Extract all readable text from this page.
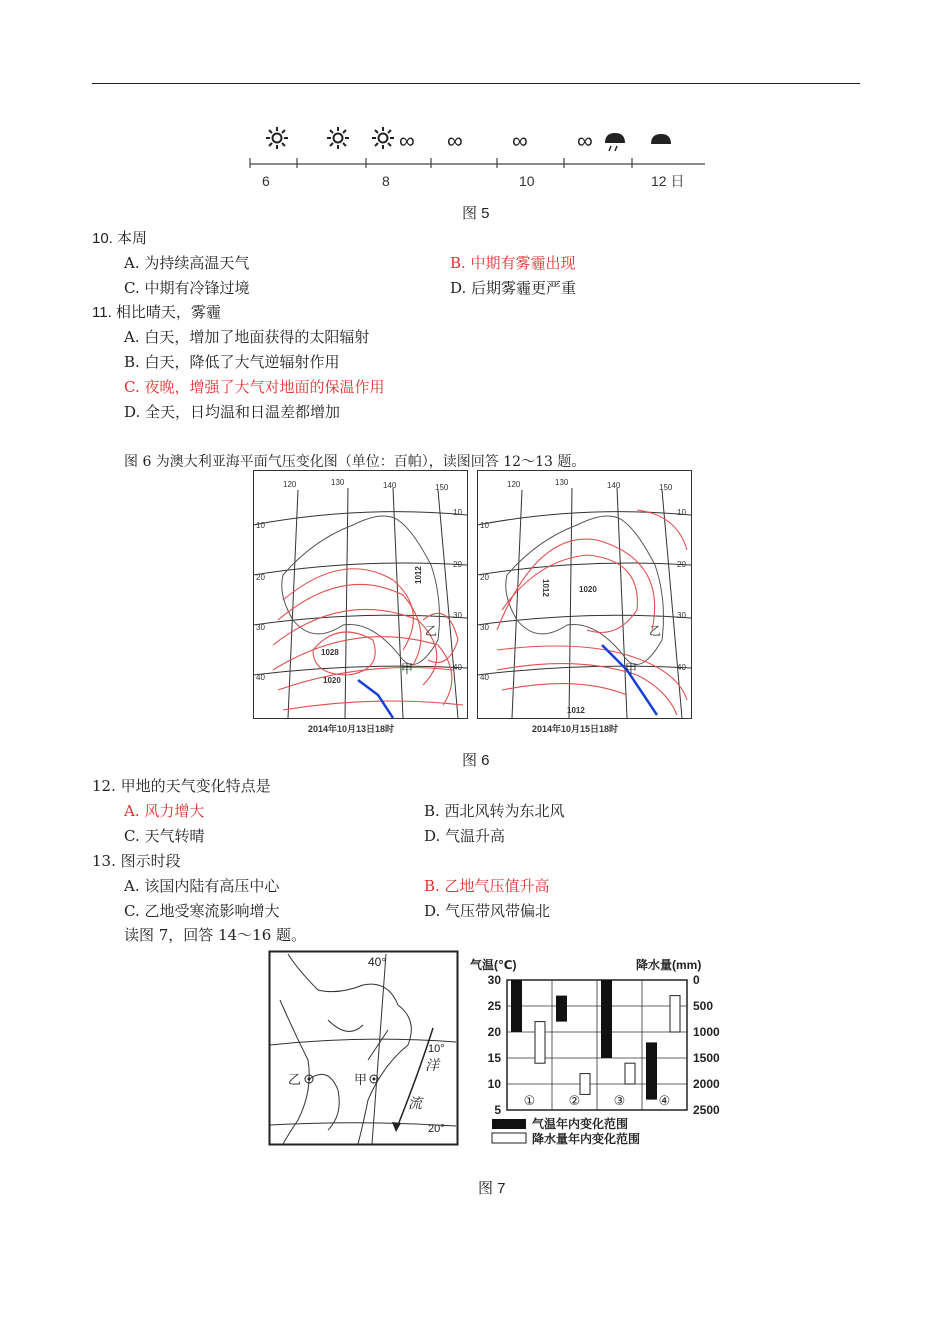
∞ ∞ ∞ ∞
6	8	10	12 日
图 5
10. 本周
A. 为持续高温天气	B. 中期有雾霾出现
C. 中期有冷锋过境	D. 后期雾霾更严重
11. 相比晴天，雾霾
A. 白天，增加了地面获得的太阳辐射
B. 白天，降低了大气逆辐射作用
C. 夜晚，增强了大气对地面的保温作用
D. 全天，日均温和日温差都增加
图 6 为澳大利亚海平面气压变化图（单位：百帕），读图回答 12～13 题。
120	130	140	150
10
20
30
40
10
20
30
40
1028
1020
1012
甲
乙
2014年10月13日18时
120	130	140	150
10
20
30
40
10
20
30
40
1012	1020
1012
甲
乙
2014年10月15日18时
图 6
12. 甲地的天气变化特点是
A. 风力增大	B. 西北风转为东北风
C. 天气转晴	D. 气温升高
13. 图示时段
A. 该国内陆有高压中心	B. 乙地气压值升高
C. 乙地受寒流影响增大	D. 气压带风带偏北
读图 7，回答 14～16 题。
40°
10°
20°
洋
流
乙	甲
气温(℃)	降水量(mm)
30
25
20
15
10
5
0
500
1000
1500
2000
2500
①	②	③	④
气温年内变化范围
降水量年内变化范围
图 7
